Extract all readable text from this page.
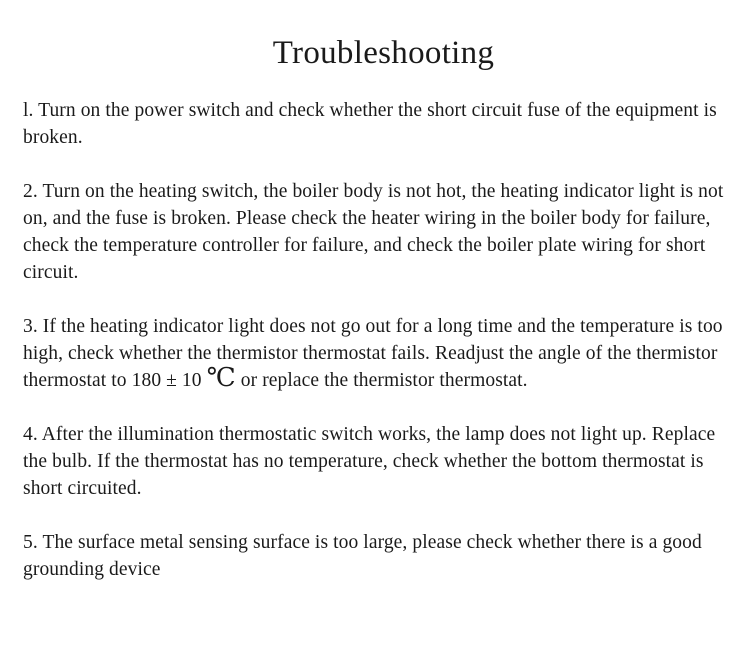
Troubleshooting

l. Turn on the power switch and check whether the short circuit fuse of the equipment is broken.

2. Turn on the heating switch, the boiler body is not hot, the heating indicator light is not on, and the fuse is broken. Please check the heater wiring in the boiler body for failure, check the temperature controller for failure, and check the boiler plate wiring for short circuit.

3. If the heating indicator light does not go out for a long time and the temperature is too high, check whether the thermistor thermostat fails. Readjust the angle of the thermistor thermostat to 180 ± 10 ℃ or replace the thermistor thermostat.

4. After the illumination thermostatic switch works, the lamp does not light up. Replace the bulb. If the thermostat has no temperature, check whether the bottom thermostat is short circuited.

5. The surface metal sensing surface is too large, please check whether there is a good grounding device
